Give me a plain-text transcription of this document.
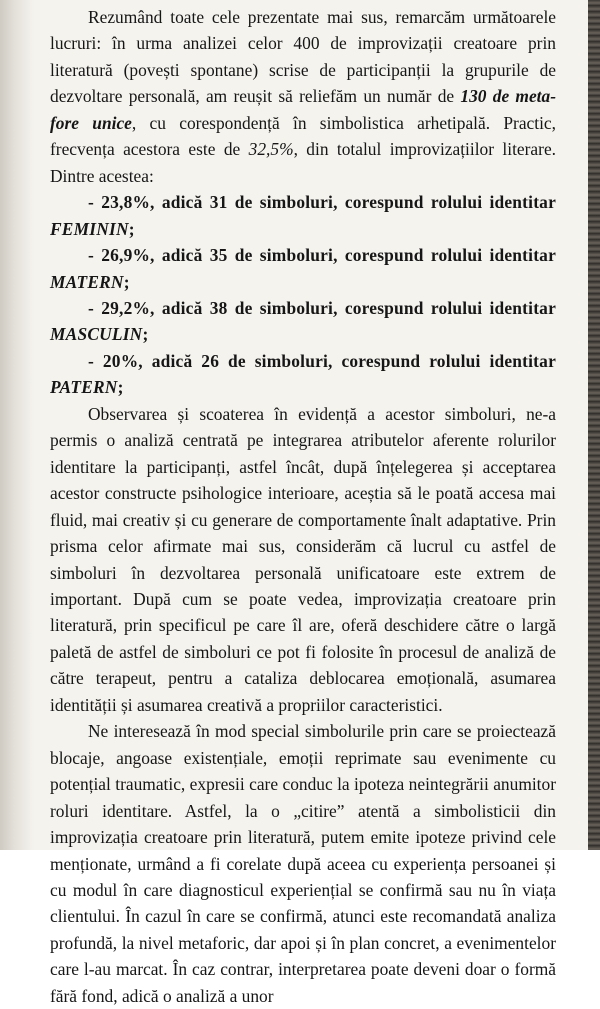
Rezumând toate cele prezentate mai sus, remarcăm următoarele lucruri: în urma analizei celor 400 de improvizații creatoare prin literatură (povești spontane) scrise de participanții la grupurile de dezvoltare personală, am reușit să reliefăm un număr de 130 de metafore unice, cu corespondență în simbolistica arhetipală. Practic, frecvența acestora este de 32,5%, din totalul improvizațiilor literare. Dintre acestea:

- 23,8%, adică 31 de simboluri, corespund rolului identitar FEMININ;

- 26,9%, adică 35 de simboluri, corespund rolului identitar MATERN;

- 29,2%, adică 38 de simboluri, corespund rolului identitar MASCULIN;

- 20%, adică 26 de simboluri, corespund rolului identitar PATERN;

Observarea și scoaterea în evidență a acestor simboluri, ne-a permis o analiză centrată pe integrarea atributelor aferente rolurilor identitare la participanți, astfel încât, după înțelegerea și acceptarea acestor constructe psihologice interioare, aceștia să le poată accesa mai fluid, mai creativ și cu generare de comportamente înalt adaptative. Prin prisma celor afirmate mai sus, considerăm că lucrul cu astfel de simboluri în dezvoltarea personală unificatoare este extrem de important. După cum se poate vedea, improvizația creatoare prin literatură, prin specificul pe care îl are, oferă deschidere către o largă paletă de astfel de simboluri ce pot fi folosite în procesul de analiză de către terapeut, pentru a cataliza deblocarea emoțională, asumarea identității și asumarea creativă a propriilor caracteristici.

Ne interesează în mod special simbolurile prin care se proiectează blocaje, angoase existențiale, emoții reprimate sau evenimente cu potențial traumatic, expresii care conduc la ipoteza neintegrării anumitor roluri identitare. Astfel, la o „citire” atentă a simbolisticii din improvizația creatoare prin literatură, putem emite ipoteze privind cele menționate, urmând a fi corelate după aceea cu experiența persoanei și cu modul în care diagnosticul experiențial se confirmă sau nu în viața clientului. În cazul în care se confirmă, atunci este recomandată analiza profundă, la nivel metaforic, dar apoi și în plan concret, a evenimentelor care l-au marcat. În caz contrar, interpretarea poate deveni doar o formă fără fond, adică o analiză a unor
